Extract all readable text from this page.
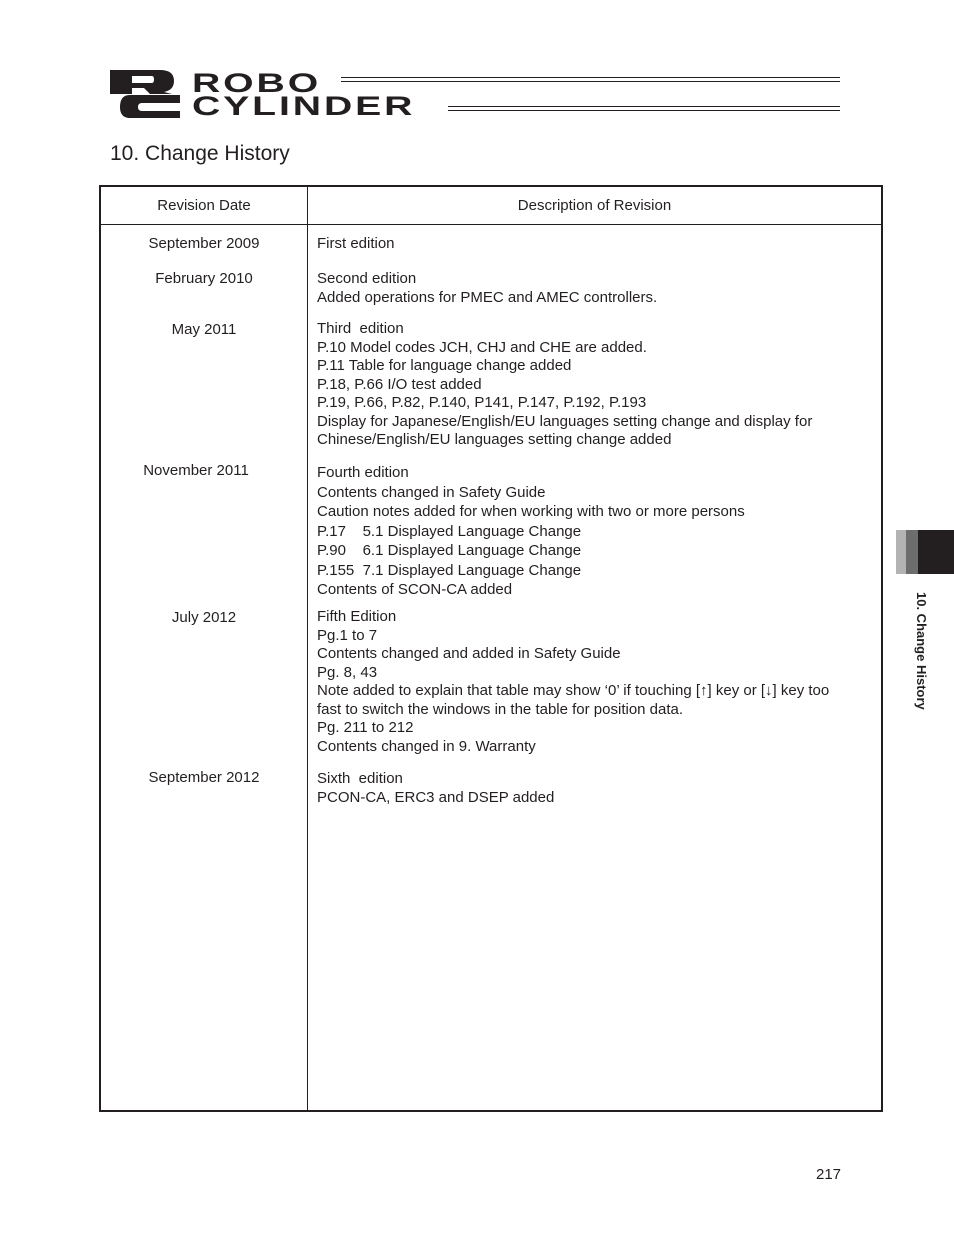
ROBO
CYLINDER
10. Change History
Revision Date	Description of Revision
September 2009	First edition
February 2010	Second edition
Added operations for PMEC and AMEC controllers.
May 2011	Third  edition
P.10 Model codes JCH, CHJ and CHE are added.
P.11 Table for language change added
P.18, P.66 I/O test added
P.19, P.66, P.82, P.140, P141, P.147, P.192, P.193
Display for Japanese/English/EU languages setting change and display for
Chinese/English/EU languages setting change added
November 2011	Fourth edition
Contents changed in Safety Guide
Caution notes added for when working with two or more persons
P.17    5.1 Displayed Language Change
P.90    6.1 Displayed Language Change
P.155  7.1 Displayed Language Change
Contents of SCON-CA added
July 2012	Fifth Edition
Pg.1 to 7
Contents changed and added in Safety Guide
Pg. 8, 43
Note added to explain that table may show ‘0’ if touching [↑] key or [↓] key too
fast to switch the windows in the table for position data.
Pg. 211 to 212
Contents changed in 9. Warranty
September 2012	Sixth  edition
PCON-CA, ERC3 and DSEP added
10. Change History
217
